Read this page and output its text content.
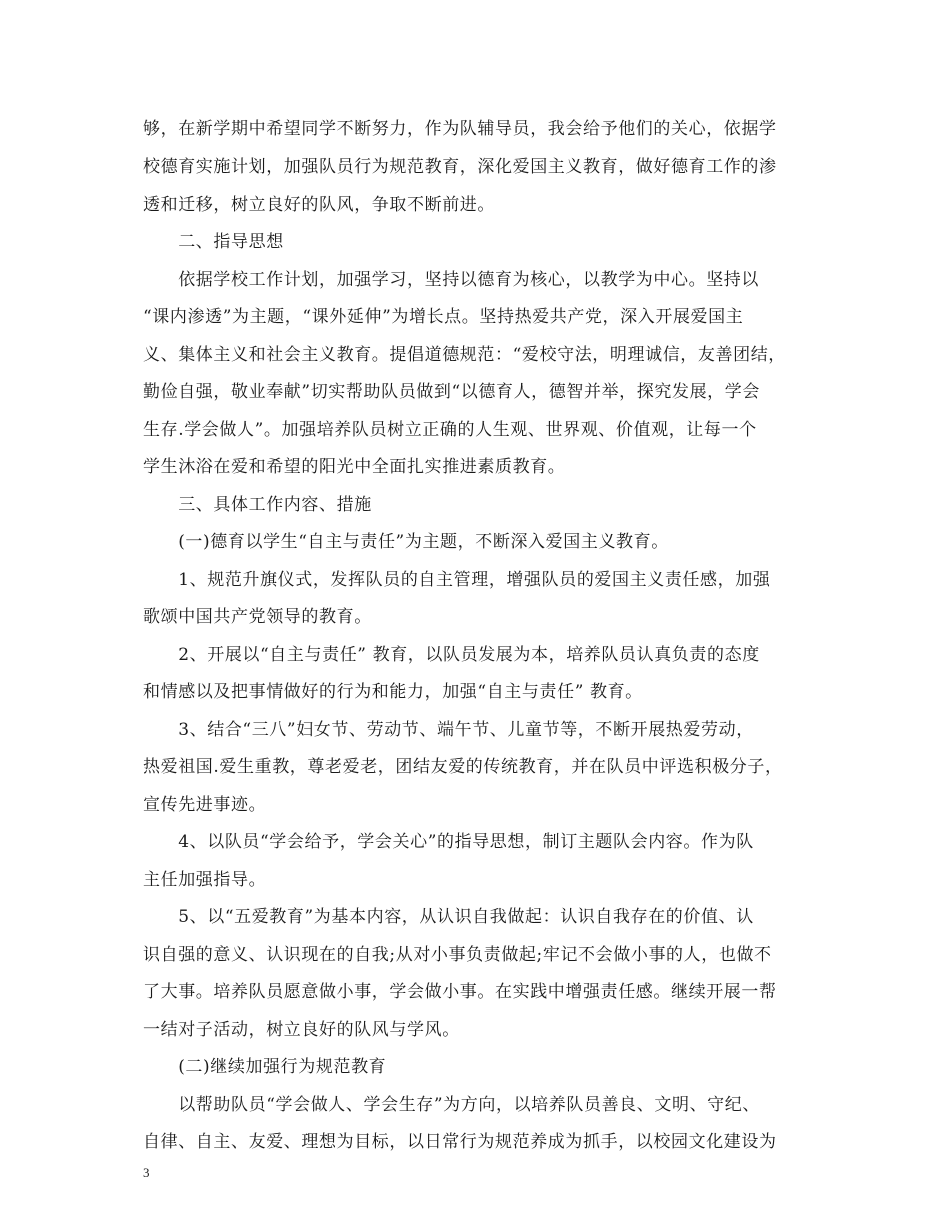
够，在新学期中希望同学不断努力，作为队辅导员，我会给予他们的关心，依据学
校德育实施计划，加强队员行为规范教育，深化爱国主义教育，做好德育工作的渗
透和迁移，树立良好的队风，争取不断前进。
　　二、指导思想
　　依据学校工作计划，加强学习，坚持以德育为核心，以教学为中心。坚持以
“课内渗透”为主题，“课外延伸”为增长点。坚持热爱共产党，深入开展爱国主
义、集体主义和社会主义教育。提倡道德规范：“爱校守法，明理诚信，友善团结，
勤俭自强，敬业奉献”切实帮助队员做到“以德育人，德智并举，探究发展，学会
生存.学会做人”。加强培养队员树立正确的人生观、世界观、价值观，让每一个
学生沐浴在爱和希望的阳光中全面扎实推进素质教育。
　　三、具体工作内容、措施
　　(一)德育以学生“自主与责任”为主题，不断深入爱国主义教育。
　　1、规范升旗仪式，发挥队员的自主管理，增强队员的爱国主义责任感，加强
歌颂中国共产党领导的教育。
　　2、开展以“自主与责任” 教育，以队员发展为本，培养队员认真负责的态度
和情感以及把事情做好的行为和能力，加强“自主与责任” 教育。
　　3、结合“三八”妇女节、劳动节、端午节、儿童节等，不断开展热爱劳动，
热爱祖国.爱生重教，尊老爱老，团结友爱的传统教育，并在队员中评选积极分子，
宣传先进事迹。
　　4、以队员“学会给予，学会关心”的指导思想，制订主题队会内容。作为队
主任加强指导。
　　5、以“五爱教育”为基本内容，从认识自我做起：认识自我存在的价值、认
识自强的意义、认识现在的自我;从对小事负责做起;牢记不会做小事的人，也做不
了大事。培养队员愿意做小事，学会做小事。在实践中增强责任感。继续开展一帮
一结对子活动，树立良好的队风与学风。
　　(二)继续加强行为规范教育
　　以帮助队员“学会做人、学会生存”为方向，以培养队员善良、文明、守纪、
自律、自主、友爱、理想为目标，以日常行为规范养成为抓手，以校园文化建设为
3
